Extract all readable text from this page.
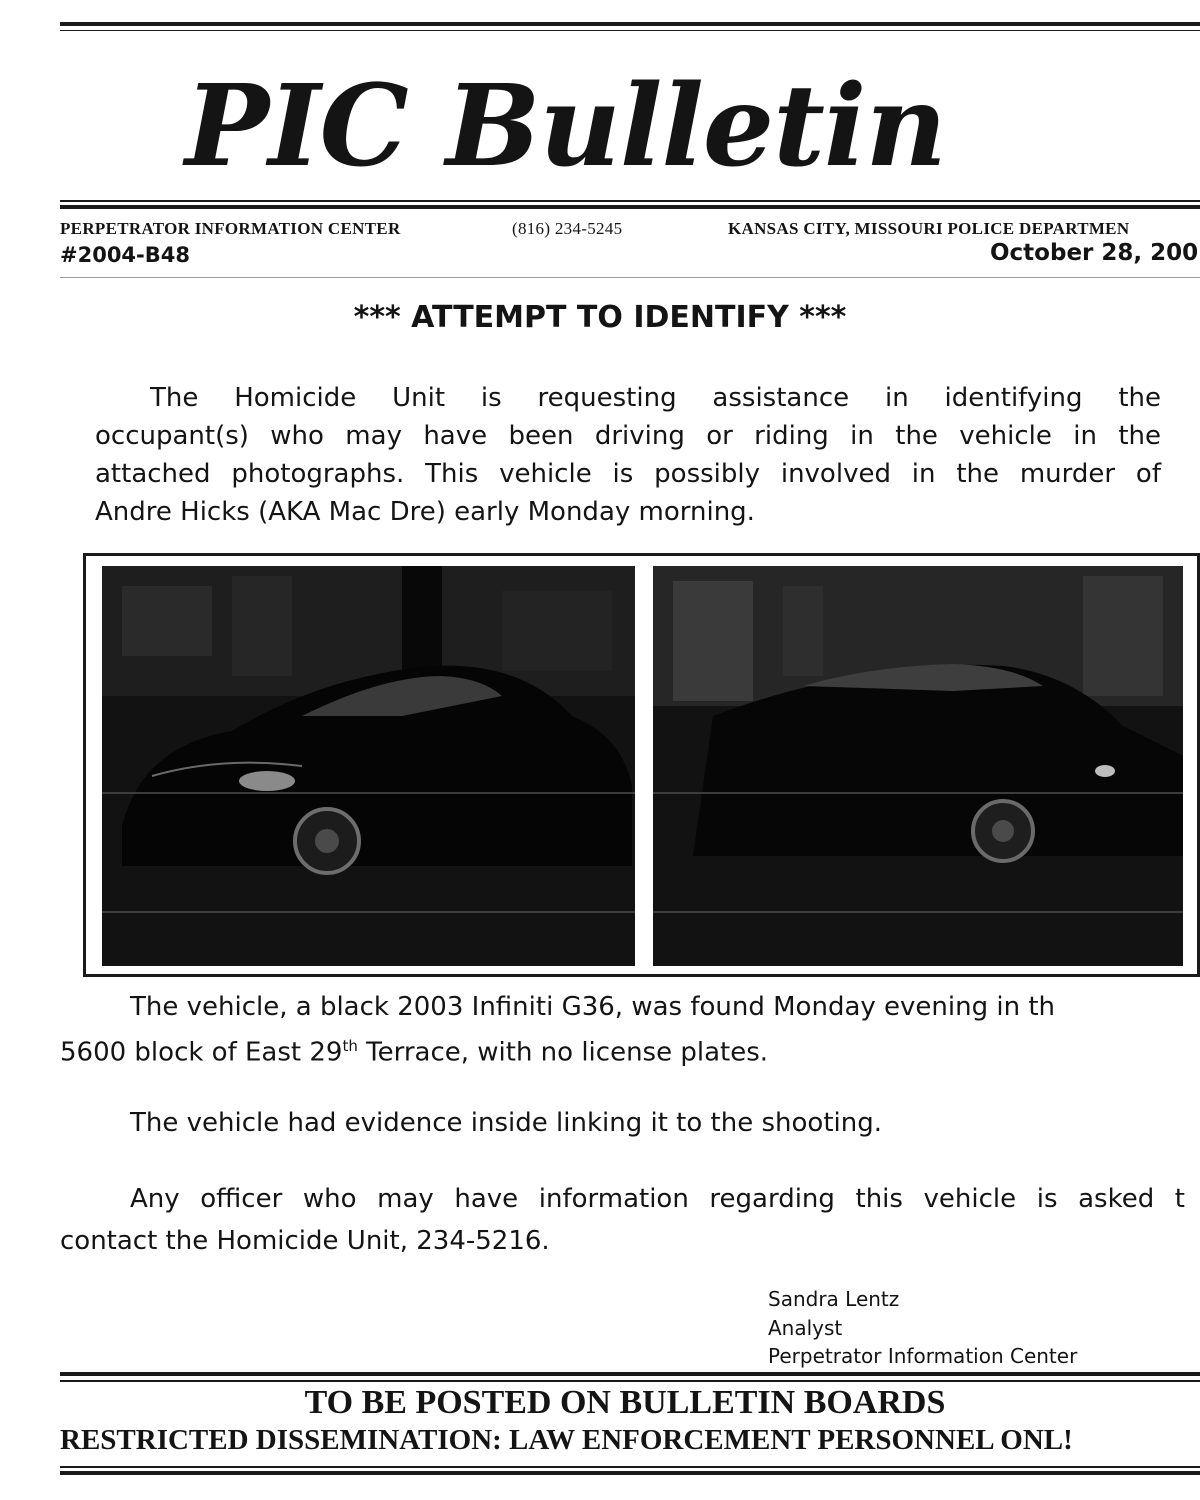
PIC Bulletin
PERPETRATOR INFORMATION CENTER	(816) 234-5245	KANSAS CITY, MISSOURI POLICE DEPARTMEN
#2004-B48	October 28, 200
*** ATTEMPT TO IDENTIFY ***
The Homicide Unit is requesting assistance in identifying the
occupant(s) who may have been driving or riding in the vehicle in the
attached photographs. This vehicle is possibly involved in the murder of
Andre Hicks (AKA Mac Dre) early Monday morning.
The vehicle, a black 2003 Infiniti G36, was found Monday evening in th
5600 block of East 29th Terrace, with no license plates.
The vehicle had evidence inside linking it to the shooting.
Any officer who may have information regarding this vehicle is asked t
contact the Homicide Unit, 234-5216.
Sandra Lentz
Analyst
Perpetrator Information Center
TO BE POSTED ON BULLETIN BOARDS
RESTRICTED DISSEMINATION: LAW ENFORCEMENT PERSONNEL ONL!
